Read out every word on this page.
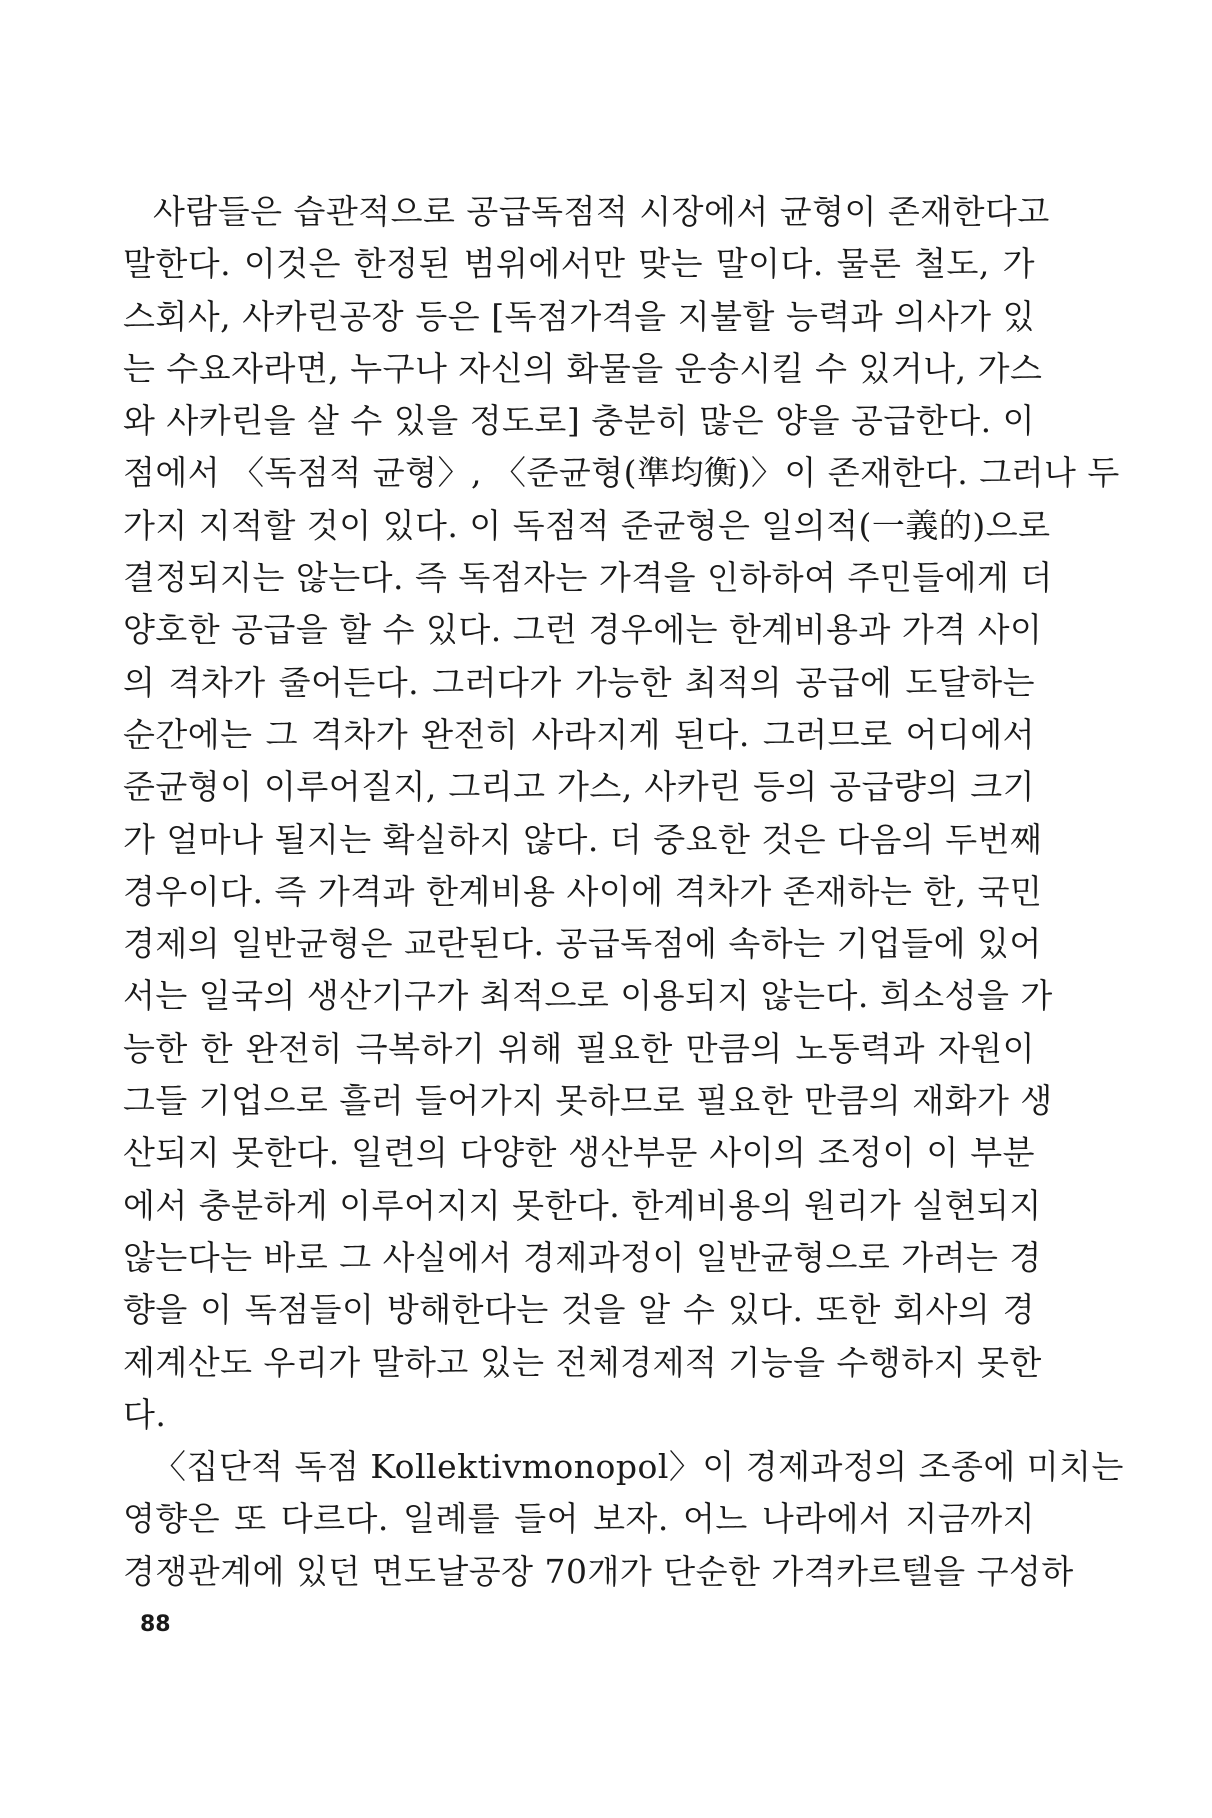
사람들은 습관적으로 공급독점적 시장에서 균형이 존재한다고
말한다. 이것은 한정된 범위에서만 맞는 말이다. 물론 철도, 가
스회사, 사카린공장 등은 [독점가격을 지불할 능력과 의사가 있
는 수요자라면, 누구나 자신의 화물을 운송시킬 수 있거나, 가스
와 사카린을 살 수 있을 정도로] 충분히 많은 양을 공급한다. 이
점에서 〈독점적 균형〉, 〈준균형(準均衡)〉이 존재한다. 그러나 두
가지 지적할 것이 있다. 이 독점적 준균형은 일의적(一義的)으로
결정되지는 않는다. 즉 독점자는 가격을 인하하여 주민들에게 더
양호한 공급을 할 수 있다. 그런 경우에는 한계비용과 가격 사이
의 격차가 줄어든다. 그러다가 가능한 최적의 공급에 도달하는
순간에는 그 격차가 완전히 사라지게 된다. 그러므로 어디에서
준균형이 이루어질지, 그리고 가스, 사카린 등의 공급량의 크기
가 얼마나 될지는 확실하지 않다. 더 중요한 것은 다음의 두번째
경우이다. 즉 가격과 한계비용 사이에 격차가 존재하는 한, 국민
경제의 일반균형은 교란된다. 공급독점에 속하는 기업들에 있어
서는 일국의 생산기구가 최적으로 이용되지 않는다. 희소성을 가
능한 한 완전히 극복하기 위해 필요한 만큼의 노동력과 자원이
그들 기업으로 흘러 들어가지 못하므로 필요한 만큼의 재화가 생
산되지 못한다. 일련의 다양한 생산부문 사이의 조정이 이 부분
에서 충분하게 이루어지지 못한다. 한계비용의 원리가 실현되지
않는다는 바로 그 사실에서 경제과정이 일반균형으로 가려는 경
향을 이 독점들이 방해한다는 것을 알 수 있다. 또한 회사의 경
제계산도 우리가 말하고 있는 전체경제적 기능을 수행하지 못한
다.
〈집단적 독점 Kollektivmonopol〉이 경제과정의 조종에 미치는
영향은 또 다르다. 일례를 들어 보자. 어느 나라에서 지금까지
경쟁관계에 있던 면도날공장 70개가 단순한 가격카르텔을 구성하
88
